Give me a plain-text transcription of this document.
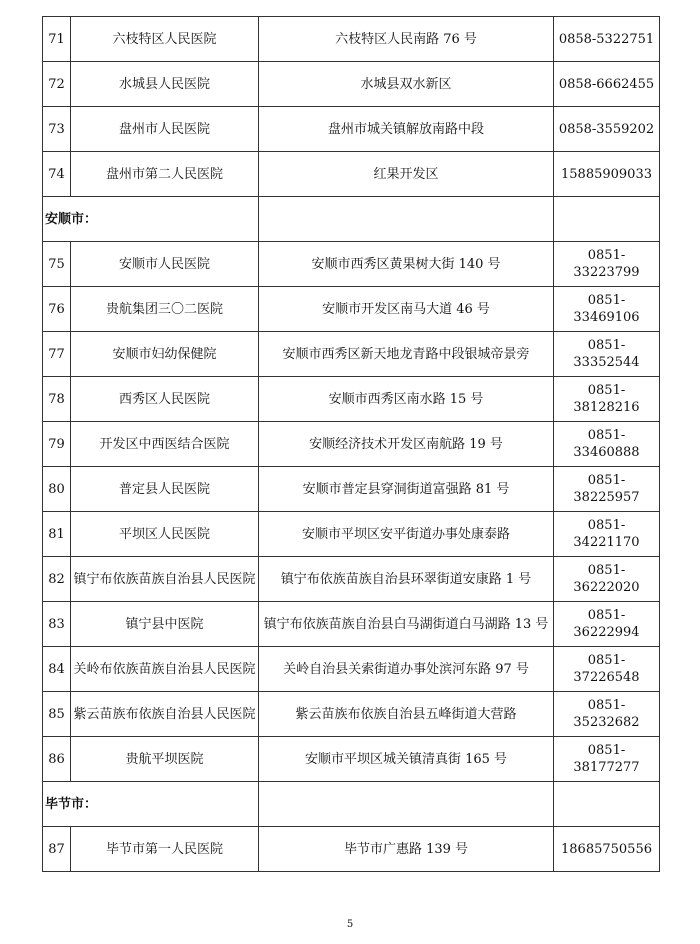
71	六枝特区人民医院	六枝特区人民南路 76 号	0858-5322751
72	水城县人民医院	水城县双水新区	0858-6662455
73	盘州市人民医院	盘州市城关镇解放南路中段	0858-3559202
74	盘州市第二人民医院	红果开发区	15885909033
安顺市：			
75	安顺市人民医院	安顺市西秀区黄果树大街 140 号	0851-33223799
76	贵航集团三〇二医院	安顺市开发区南马大道 46 号	0851-33469106
77	安顺市妇幼保健院	安顺市西秀区新天地龙青路中段银城帝景旁	0851-33352544
78	西秀区人民医院	安顺市西秀区南水路 15 号	0851-38128216
79	开发区中西医结合医院	安顺经济技术开发区南航路 19 号	0851-33460888
80	普定县人民医院	安顺市普定县穿洞街道富强路 81 号	0851-38225957
81	平坝区人民医院	安顺市平坝区安平街道办事处康泰路	0851-34221170
82	镇宁布依族苗族自治县人民医院	镇宁布依族苗族自治县环翠街道安康路 1 号	0851-36222020
83	镇宁县中医院	镇宁布依族苗族自治县白马湖街道白马湖路 13 号	0851-36222994
84	关岭布依族苗族自治县人民医院	关岭自治县关索街道办事处滨河东路 97 号	0851-37226548
85	紫云苗族布依族自治县人民医院	紫云苗族布依族自治县五峰街道大营路	0851-35232682
86	贵航平坝医院	安顺市平坝区城关镇清真街 165 号	0851-38177277
毕节市：			
87	毕节市第一人民医院	毕节市广惠路 139 号	18685750556
5
